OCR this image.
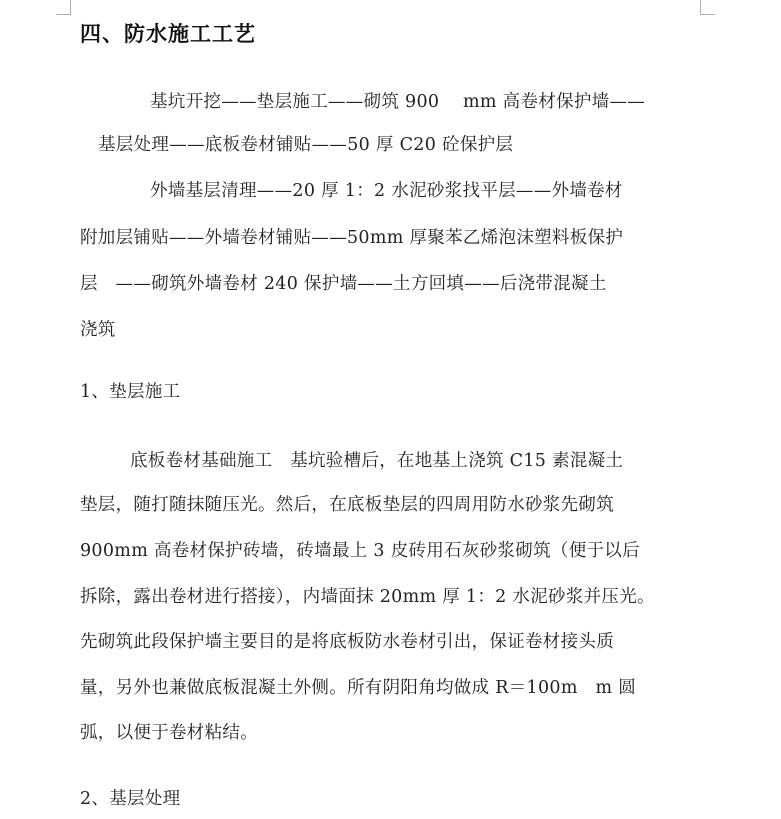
四、防水施工工艺
基坑开挖——垫层施工——砌筑 900　 mm 高卷材保护墙——
基层处理——底板卷材铺贴——50 厚 C20 砼保护层
外墙基层清理——20 厚 1：2 水泥砂浆找平层——外墙卷材
附加层铺贴——外墙卷材铺贴——50mm 厚聚苯乙烯泡沫塑料板保护
层　——砌筑外墙卷材 240 保护墙——土方回填——后浇带混凝土
浇筑
1、垫层施工
底板卷材基础施工　基坑验槽后，在地基上浇筑 C15 素混凝土
垫层，随打随抹随压光。然后，在底板垫层的四周用防水砂浆先砌筑
900mm 高卷材保护砖墙，砖墙最上 3 皮砖用石灰砂浆砌筑（便于以后
拆除，露出卷材进行搭接），内墙面抹 20mm 厚 1：2 水泥砂浆并压光。
先砌筑此段保护墙主要目的是将底板防水卷材引出，保证卷材接头质
量，另外也兼做底板混凝土外侧。所有阴阳角均做成 R＝100m　m 圆
弧，以便于卷材粘结。
2、基层处理
